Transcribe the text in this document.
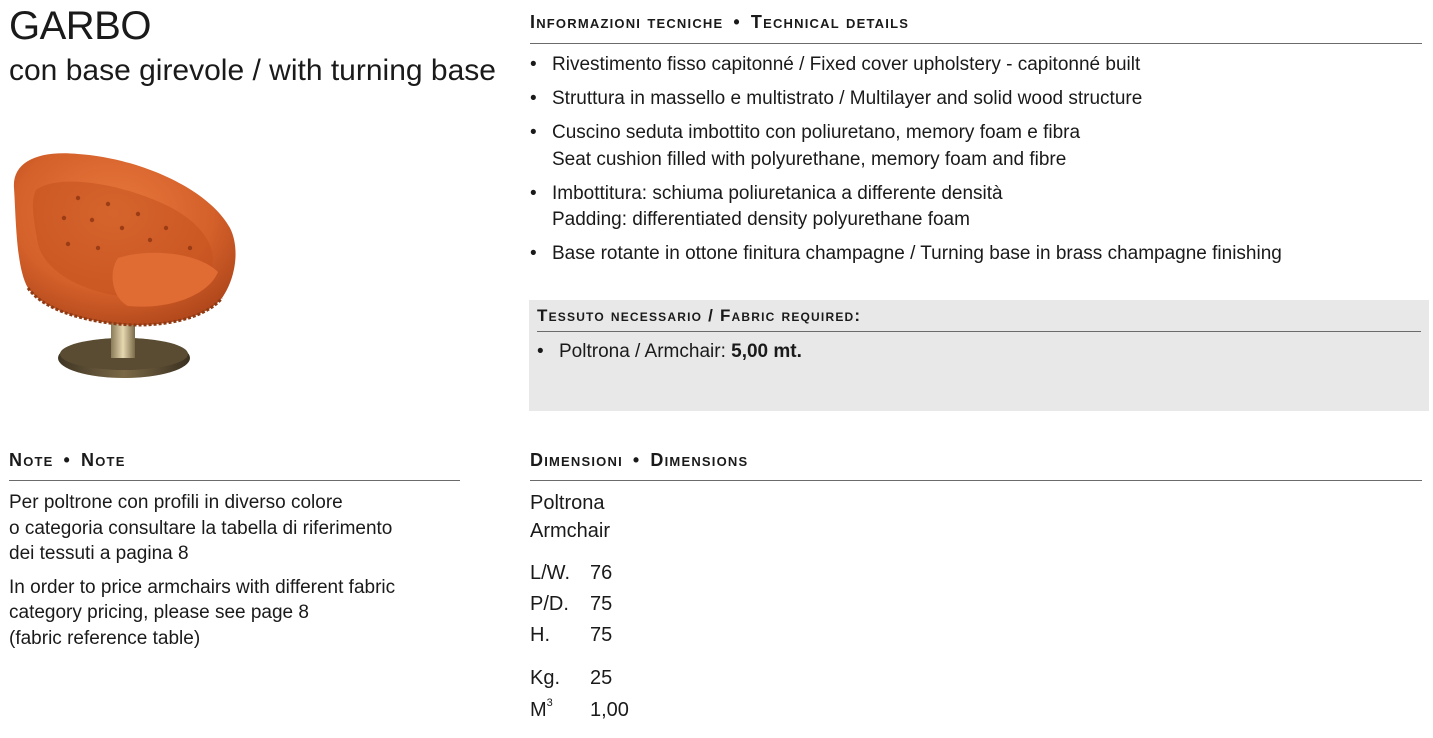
GARBO
con base girevole / with turning base
Informazioni tecniche • Technical details
• Rivestimento fisso capitonné / Fixed cover upholstery - capitonné built
• Struttura in massello e multistrato / Multilayer and solid wood structure
• Cuscino seduta imbottito con poliuretano, memory foam e fibra
Seat cushion filled with polyurethane, memory foam and fibre
• Imbottitura: schiuma poliuretanica a differente densità
Padding: differentiated density polyurethane foam
• Base rotante in ottone finitura champagne / Turning base in brass champagne finishing
Tessuto necessario / Fabric required:
• Poltrona / Armchair: 5,00 mt.
Note • Note

Per poltrone con profili in diverso colore
o categoria consultare la tabella di riferimento
dei tessuti a pagina 8

In order to price armchairs with different fabric
category pricing, please see page 8
(fabric reference table)

Dimensioni • Dimensions
Poltrona
Armchair
L/W. 76
P/D. 75
H. 75
Kg. 25
$M^3$ 1,00
